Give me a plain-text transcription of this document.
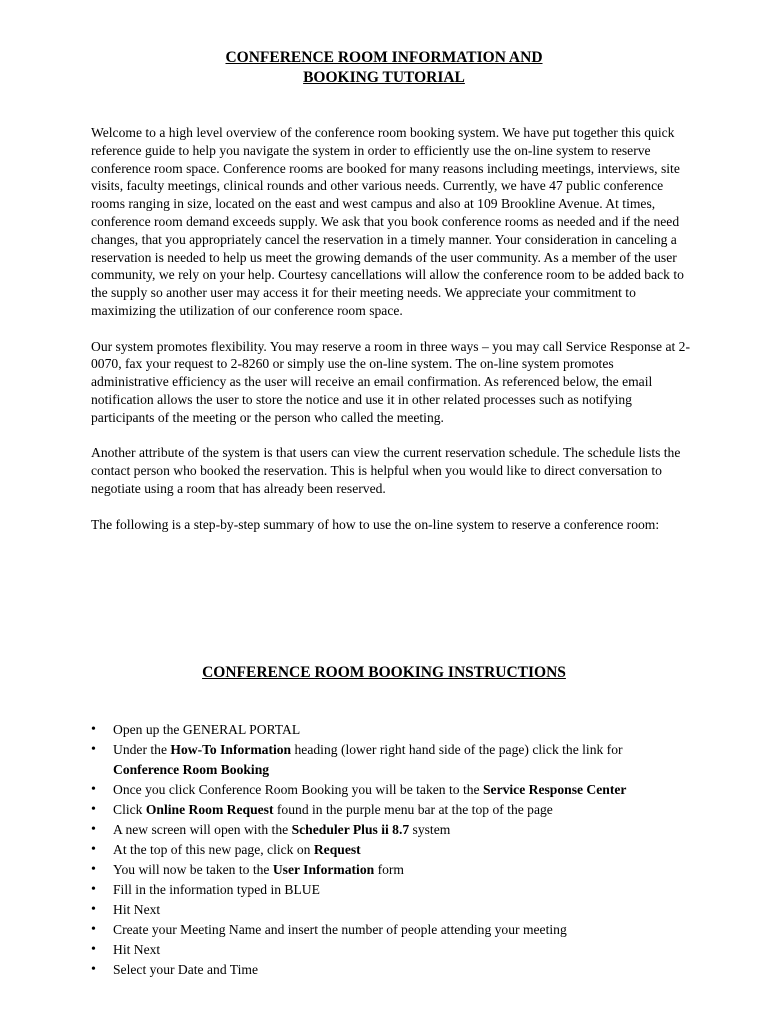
CONFERENCE ROOM INFORMATION AND
BOOKING TUTORIAL

Welcome to a high level overview of the conference room booking system. We have put together this quick reference guide to help you navigate the system in order to efficiently use the on-line system to reserve conference room space. Conference rooms are booked for many reasons including meetings, interviews, site visits, faculty meetings, clinical rounds and other various needs. Currently, we have 47 public conference rooms ranging in size, located on the east and west campus and also at 109 Brookline Avenue. At times, conference room demand exceeds supply. We ask that you book conference rooms as needed and if the need changes, that you appropriately cancel the reservation in a timely manner. Your consideration in canceling a reservation is needed to help us meet the growing demands of the user community. As a member of the user community, we rely on your help. Courtesy cancellations will allow the conference room to be added back to the supply so another user may access it for their meeting needs. We appreciate your commitment to maximizing the utilization of our conference room space.

Our system promotes flexibility. You may reserve a room in three ways – you may call Service Response at 2-0070, fax your request to 2-8260 or simply use the on-line system. The on-line system promotes administrative efficiency as the user will receive an email confirmation. As referenced below, the email notification allows the user to store the notice and use it in other related processes such as notifying participants of the meeting or the person who called the meeting.

Another attribute of the system is that users can view the current reservation schedule. The schedule lists the contact person who booked the reservation. This is helpful when you would like to direct conversation to negotiate using a room that has already been reserved.

The following is a step-by-step summary of how to use the on-line system to reserve a conference room:

CONFERENCE ROOM BOOKING INSTRUCTIONS
• Open up the GENERAL PORTAL
• Under the How-To Information heading (lower right hand side of the page) click the link for Conference Room Booking
• Once you click Conference Room Booking you will be taken to the Service Response Center
• Click Online Room Request found in the purple menu bar at the top of the page
• A new screen will open with the Scheduler Plus ii 8.7 system
• At the top of this new page, click on Request
• You will now be taken to the User Information form
• Fill in the information typed in BLUE
• Hit Next
• Create your Meeting Name and insert the number of people attending your meeting
• Hit Next
• Select your Date and Time
